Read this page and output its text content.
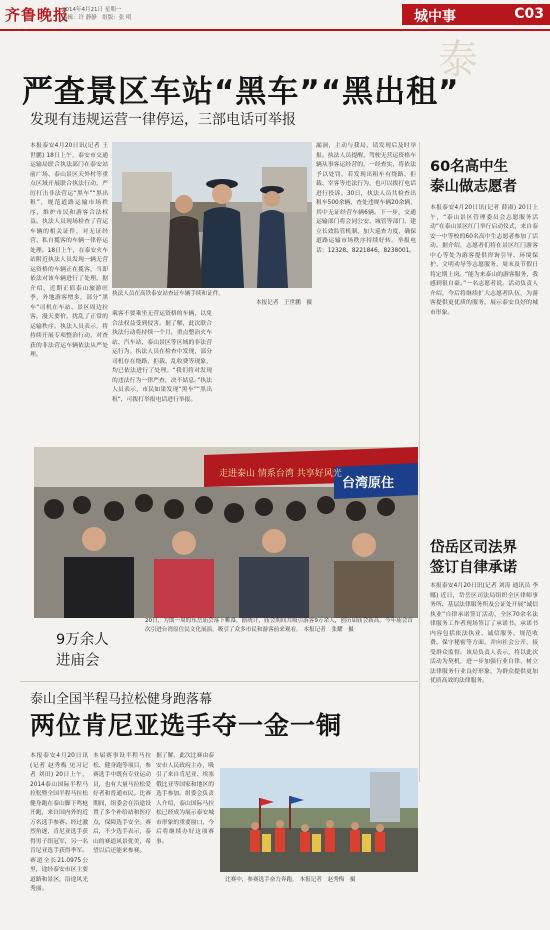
齐鲁晚报
2014年4月21日 星期一
编辑：许 静静　组版：张 明	城中事	C03
泰
严查景区车站“黑车”“黑出租”
发现有违规运营一律停运，三部电话可举报
本报泰安4月20日讯(记者 王世鹏) 18日上午，泰安市交通运输局联合执法部门在泰安站前广场、泰山景区天外村等重点区域开展联合执法行动，严厉打击非法营运“黑车”“黑出租”，规范道路运输市场秩序，维护市民和游客合法权益。执法人员现场检查了营运车辆的相关证件，对无证经营、私自揽客的车辆一律停运处理。18日上午，在泰安火车站附近执法人员发现一辆无营运资格的车辆正在揽客，当即依法对该车辆进行了处理。据介绍，近期正值泰山旅游旺季，外地游客增多，部分“黑车”司机在车站、景区周边拉客，漫天要价，扰乱了正常的运输秩序。执法人员表示，将持续开展专项整治行动，对查获的非法营运车辆依法从严处理。
执法人员在高铁泰安站查证车辆手续和证件。
本报记者　王世鹏　摄
乘客不要乘坐无营运资格的车辆，以免合法权益受到侵害。据了解，此次联合执法行动将持续一个月，重点整治火车站、汽车站、泰山景区等区域的非法营运行为。执法人员在检查中发现，部分司机存在绕路、拒载、乱收费等现象，均已依法进行了处理。“我们将对发现的违法行为一律严查，决不姑息。”执法人员表示，市民如果发现“黑车”“黑出租”，可拨打举报电话进行举报。
漏洞，主动与我局，请发现后及时举报。执法人员提醒，驾驶无营运资格车辆从事客运经营的，一经查实，将依法予以处罚。若发现出租车有绕路、拒载、宰客等违法行为，也可以拨打电话进行投诉。30日，执法人员共检查出租车500余辆，查处违规车辆20余辆，其中无证经营车辆6辆。下一步，交通运输部门将会同公安、城管等部门，建立长效监管机制，加大巡查力度，确保道路运输市场秩序持续好转。举报电话：12328、8221846、8238001。
60名高中生
泰山做志愿者
本报泰安4月20日讯(记者 薛淑) 20日上午，“泰山景区管理委员会志愿服务活动”在泰山景区红门举行启动仪式，来自泰安一中等校的60名高中生志愿者参加了活动。据介绍，志愿者们将在景区红门游客中心等处为游客提供咨询引导、环境保护、文明劝导等志愿服务，周末及节假日将定期上岗。“能为来泰山的游客服务，我感到很自豪。”一名志愿者说。活动负责人介绍，今后将继续扩大志愿者队伍，为游客提供更优质的服务，展示泰安良好的城市形象。
岱岳区司法界
签订自律承诺
本报泰安4月20日讯(记者 刘涛 通讯员 李娜) 近日，岱岳区司法局组织全区律师事务所、基层法律服务所及公证处开展“诚信执业”自律承诺签订活动，全区70余名法律服务工作者现场签订了承诺书。承诺书内容包括依法执业、诚信服务、规范收费、保守秘密等方面，并向社会公开，接受群众监督。该局负责人表示，将以此次活动为契机，进一步加强行业自律，树立法律服务行业良好形象，为群众提供更加优质高效的法律服务。
走进泰山 情系台湾 共享好风光
台湾原住
9万余人
进庙会
20日，为期一周的东岳庙会落下帷幕。据统计，庙会期间共吸引游客9万余人，创历届庙会新高。今年庙会首次引进台湾原住民文化展演，吸引了众多市民和游客前来观看。 本报记者　张耀　摄
泰山全国半程马拉松健身跑落幕
两位肯尼亚选手夺一金一铜
本报泰安4月20日讯(记者 赵秀梅 见习记者 刘田) 20日上午，2014泰山国际半程马拉松暨全国半程马拉松健身跑在泰山脚下鸣枪开跑，来自国内外的近万名选手参赛。经过激烈角逐，肯尼亚选手获得男子组冠军，另一名肯尼亚选手获得季军。赛道全长21.0975公里，途经泰安市区主要道路和景区，沿途风光秀丽。
本届赛事设半程马拉松、健身跑等项目，参赛选手中既有专业运动员，也有大量马拉松爱好者和普通市民。比赛期间，组委会在沿途设置了多个补给站和医疗点，保障选手安全。赛后，不少选手表示，泰山的赛道风景优美，希望以后还能来参赛。
据了解，此次比赛由泰安市人民政府主办，吸引了来自肯尼亚、埃塞俄比亚等国家和地区的选手参加。组委会负责人介绍，泰山国际马拉松已经成为展示泰安城市形象的重要窗口，今后将继续办好这项赛事。
比赛中，参赛选手奋力奔跑。 本报记者　赵秀梅　摄
